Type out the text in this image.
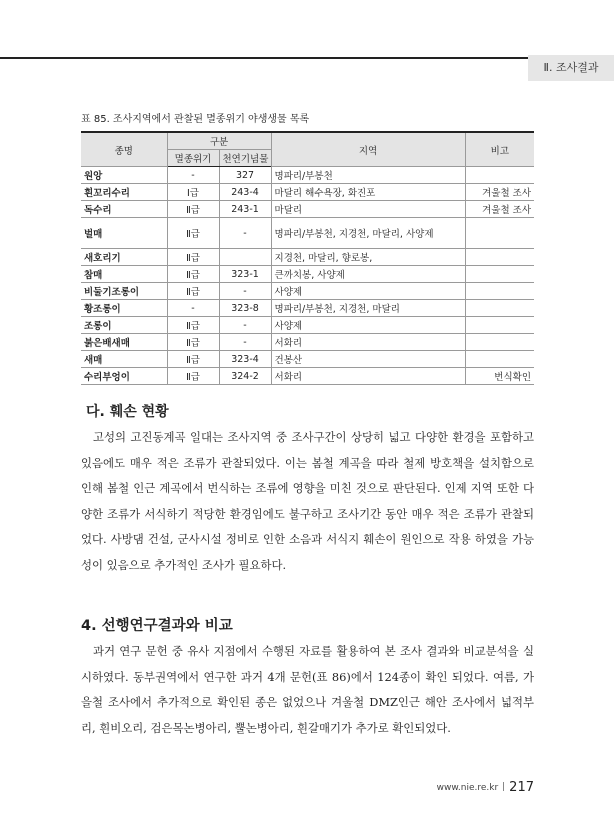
Ⅱ. 조사결과
표 85. 조사지역에서 관찰된 멸종위기 야생생물 목록
종명	구분		지역	비고
	멸종위기	천연기념물		
원앙	-	327	명파리/부봉천	
흰꼬리수리	Ⅰ급	243-4	마달리 해수욕장, 화진포	겨울철 조사
독수리	Ⅱ급	243-1	마달리	겨울철 조사
벌매	Ⅱ급	-	명파리/부봉천, 지경천, 마달리, 사양제	
새호리기	Ⅱ급		지경천, 마달리, 향로봉,	
참매	Ⅱ급	323-1	큰까치봉, 사양제	
비둘기조롱이	Ⅱ급	-	사양제	
황조롱이	-	323-8	명파리/부봉천, 지경천, 마달리	
조롱이	Ⅱ급	-	사양제	
붉은배새매	Ⅱ급	-	서화리	
새매	Ⅱ급	323-4	건봉산	
수리부엉이	Ⅱ급	324-2	서화리	번식확인
다. 훼손 현황

고성의 고진동계곡 일대는 조사지역 중 조사구간이 상당히 넓고 다양한 환경을 포함하고 있음에도 매우 적은 조류가 관찰되었다. 이는 봄철 계곡을 따라 철제 방호책을 설치함으로 인해 봄철 인근 계곡에서 번식하는 조류에 영향을 미친 것으로 판단된다. 인제 지역 또한 다양한 조류가 서식하기 적당한 환경임에도 불구하고 조사기간 동안 매우 적은 조류가 관찰되었다. 사방댐 건설, 군사시설 정비로 인한 소음과 서식지 훼손이 원인으로 작용 하였을 가능성이 있음으로 추가적인 조사가 필요하다.

4. 선행연구결과와 비교

과거 연구 문헌 중 유사 지점에서 수행된 자료를 활용하여 본 조사 결과와 비교분석을 실시하였다. 동부권역에서 연구한 과거 4개 문헌(표 86)에서 124종이 확인 되었다. 여름, 가을철 조사에서 추가적으로 확인된 종은 없었으나 겨울철 DMZ인근 해안 조사에서 넓적부리, 흰비오리, 검은목논병아리, 뿔논병아리, 흰갈매기가 추가로 확인되었다.

www.nie.re.kr 217
